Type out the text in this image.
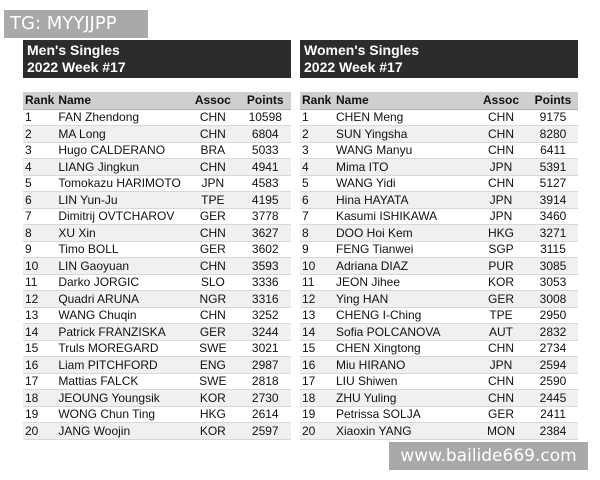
TG: MYYJJPP
Men's Singles
2022 Week #17
Rank	Name	Assoc	Points
1	FAN Zhendong	CHN	10598
2	MA Long	CHN	6804
3	Hugo CALDERANO	BRA	5033
4	LIANG Jingkun	CHN	4941
5	Tomokazu HARIMOTO	JPN	4583
6	LIN Yun-Ju	TPE	4195
7	Dimitrij OVTCHAROV	GER	3778
8	XU Xin	CHN	3627
9	Timo BOLL	GER	3602
10	LIN Gaoyuan	CHN	3593
11	Darko JORGIC	SLO	3336
12	Quadri ARUNA	NGR	3316
13	WANG Chuqin	CHN	3252
14	Patrick FRANZISKA	GER	3244
15	Truls MOREGARD	SWE	3021
16	Liam PITCHFORD	ENG	2987
17	Mattias FALCK	SWE	2818
18	JEOUNG Youngsik	KOR	2730
19	WONG Chun Ting	HKG	2614
20	JANG Woojin	KOR	2597
Women's Singles
2022 Week #17
Rank	Name	Assoc	Points
1	CHEN Meng	CHN	9175
2	SUN Yingsha	CHN	8280
3	WANG Manyu	CHN	6411
4	Mima ITO	JPN	5391
5	WANG Yidi	CHN	5127
6	Hina HAYATA	JPN	3914
7	Kasumi ISHIKAWA	JPN	3460
8	DOO Hoi Kem	HKG	3271
9	FENG Tianwei	SGP	3115
10	Adriana DIAZ	PUR	3085
11	JEON Jihee	KOR	3053
12	Ying HAN	GER	3008
13	CHENG I-Ching	TPE	2950
14	Sofia POLCANOVA	AUT	2832
15	CHEN Xingtong	CHN	2734
16	Miu HIRANO	JPN	2594
17	LIU Shiwen	CHN	2590
18	ZHU Yuling	CHN	2445
19	Petrissa SOLJA	GER	2411
20	Xiaoxin YANG	MON	2384
www.bailide669.com
